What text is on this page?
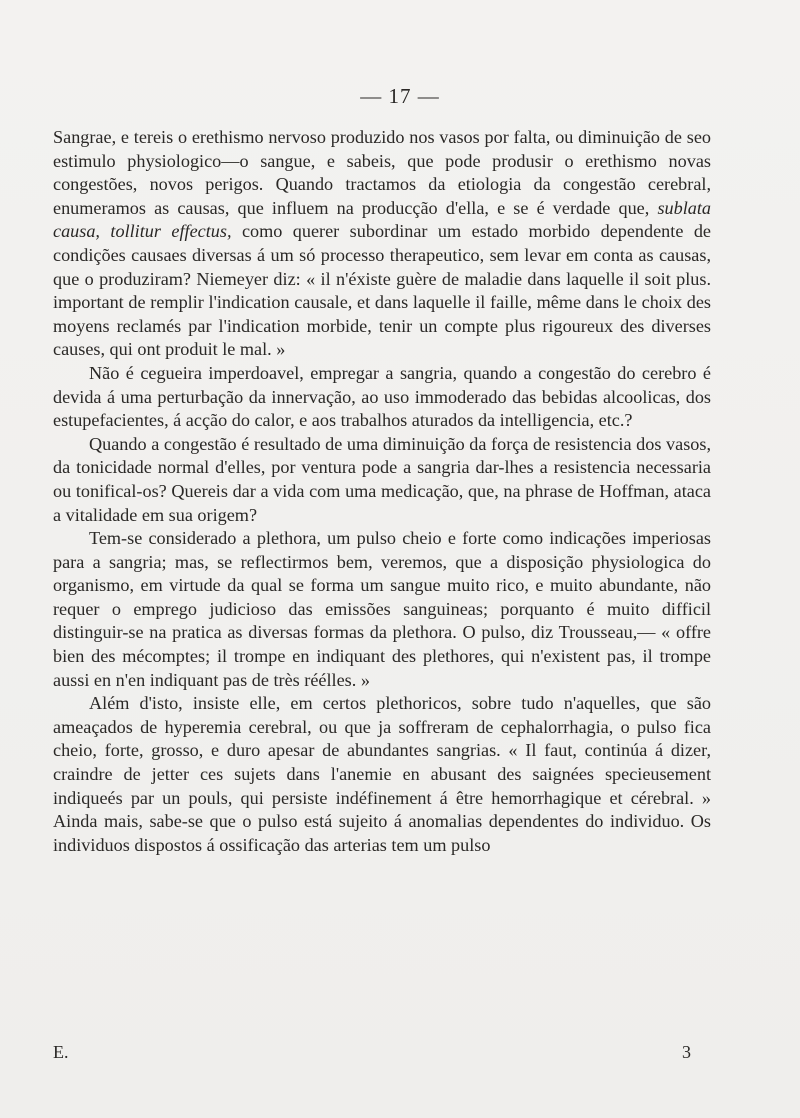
— 17 —

Sangrae, e tereis o erethismo nervoso produzido nos vasos por falta, ou diminuição de seo estimulo physiologico—o sangue, e sabeis, que pode produsir o erethismo novas congestões, novos perigos. Quando tractamos da etiologia da congestão cerebral, enumeramos as causas, que influem na producção d'ella, e se é verdade que, sublata causa, tollitur effectus, como querer subordinar um estado morbido dependente de condições causaes diversas á um só processo therapeutico, sem levar em conta as causas, que o produziram? Niemeyer diz: « il n'éxiste guère de maladie dans laquelle il soit plus. important de remplir l'indication causale, et dans laquelle il faille, même dans le choix des moyens reclamés par l'indication morbide, tenir un compte plus rigoureux des diverses causes, qui ont produit le mal. »

Não é cegueira imperdoavel, empregar a sangria, quando a congestão do cerebro é devida á uma perturbação da innervação, ao uso immoderado das bebidas alcoolicas, dos estupefacientes, á acção do calor, e aos trabalhos aturados da intelligencia, etc.?

Quando a congestão é resultado de uma diminuição da força de resistencia dos vasos, da tonicidade normal d'elles, por ventura pode a sangria dar-lhes a resistencia necessaria ou tonifical-os? Quereis dar a vida com uma medicação, que, na phrase de Hoffman, ataca a vitalidade em sua origem?

Tem-se considerado a plethora, um pulso cheio e forte como indicações imperiosas para a sangria; mas, se reflectirmos bem, veremos, que a disposição physiologica do organismo, em virtude da qual se forma um sangue muito rico, e muito abundante, não requer o emprego judicioso das emissões sanguineas; porquanto é muito difficil distinguir-se na pratica as diversas formas da plethora. O pulso, diz Trousseau,— « offre bien des mécomptes; il trompe en indiquant des plethores, qui n'existent pas, il trompe aussi en n'en indiquant pas de très réélles. »

Além d'isto, insiste elle, em certos plethoricos, sobre tudo n'aquelles, que são ameaçados de hyperemia cerebral, ou que ja soffreram de cephalorrhagia, o pulso fica cheio, forte, grosso, e duro apesar de abundantes sangrias. « Il faut, continúa á dizer, craindre de jetter ces sujets dans l'anemie en abusant des saignées specieusement indiqueés par un pouls, qui persiste indéfinement á être hemorrhagique et cérebral. » Ainda mais, sabe-se que o pulso está sujeito á anomalias dependentes do individuo. Os individuos dispostos á ossificação das arterias tem um pulso

E.	3
